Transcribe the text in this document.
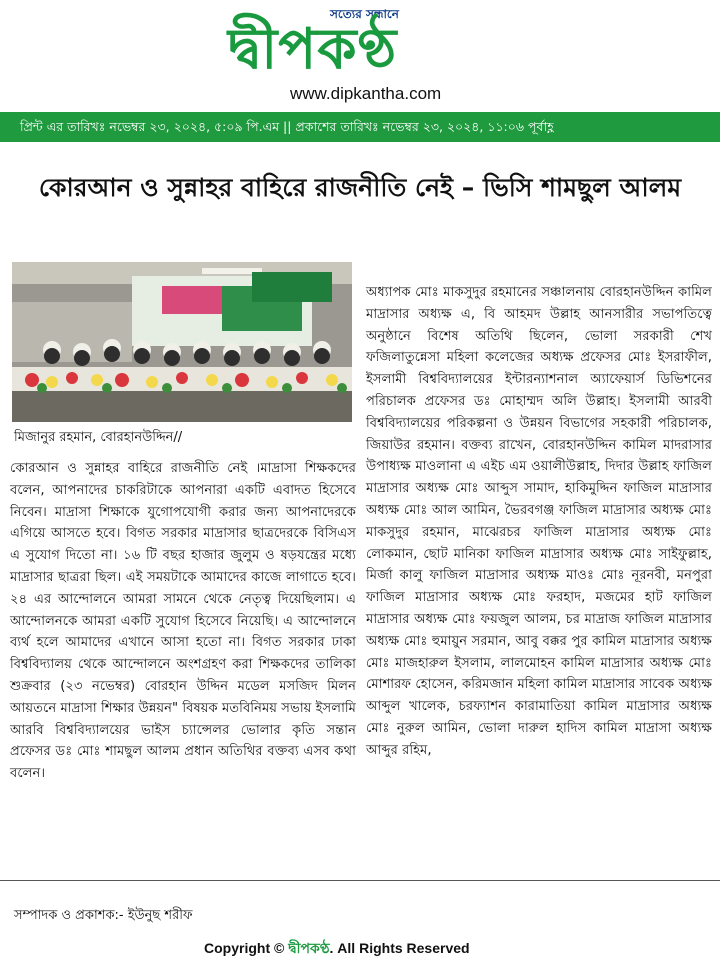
সত্যের সন্ধানে
দ্বীপকণ্ঠ
www.dipkantha.com
প্রিন্ট এর তারিখঃ নভেম্বর ২৩, ২০২৪, ৫:০৯ পি.এম || প্রকাশের তারিখঃ নভেম্বর ২৩, ২০২৪, ১১:০৬ পূর্বাহ্ণ
কোরআন ও সুন্নাহর বাহিরে রাজনীতি নেই – ভিসি শামছুল আলম
মিজানুর রহমান, বোরহানউদ্দিন//
কোরআন ও সুন্নাহর বাহিরে রাজনীতি নেই ।মাদ্রাসা শিক্ষকদের বলেন, আপনাদের চাকরিটাকে আপনারা একটি এবাদত হিসেবে নিবেন। মাদ্রাসা শিক্ষাকে যুগোপযোগী করার জন্য আপনাদেরকে এগিয়ে আসতে হবে। বিগত সরকার মাদ্রাসার ছাত্রদেরকে বিসিএস এ সুযোগ দিতো না। ১৬ টি বছর হাজার জুলুম ও ষড়যন্ত্রের মধ্যে মাদ্রাসার ছাত্ররা ছিল। এই সময়টাকে আমাদের কাজে লাগাতে হবে। ২৪ এর আন্দোলনে আমরা সামনে থেকে নেতৃত্ব দিয়েছিলাম। এ আন্দোলনকে আমরা একটি সুযোগ হিসেবে নিয়েছি। এ আন্দোলনে ব্যর্থ হলে আমাদের এখানে আসা হতো না। বিগত সরকার ঢাকা বিশ্ববিদ্যালয় থেকে আন্দোলনে অংশগ্রহণ করা শিক্ষকদের তালিকা শুক্রবার (২৩ নভেম্বর) বোরহান উদ্দিন মডেল মসজিদ মিলন আয়তনে মাদ্রাসা শিক্ষার উন্নয়ন" বিষয়ক মতবিনিময় সভায় ইসলামি আরবি বিশ্ববিদ্যালয়ের ভাইস চ্যান্সেলর ভোলার কৃতি সন্তান প্রফেসর ডঃ মোঃ শামছুল আলম প্রধান অতিথির বক্তব্য এসব কথা বলেন।
অধ্যাপক মোঃ মাকসুদুর রহমানের সঞ্চালনায় বোরহানউদ্দিন কামিল মাদ্রাসার অধ্যক্ষ এ, বি আহমদ উল্লাহ আনসারীর সভাপতিত্বে অনুষ্ঠানে বিশেষ অতিথি ছিলেন, ভোলা সরকারী শেখ ফজিলাতুন্নেসা মহিলা কলেজের অধ্যক্ষ প্রফেসর মোঃ ইসরাফীল, ইসলামী বিশ্ববিদ্যালয়ের ইন্টারন্যাশনাল অ্যাফেয়ার্স ডিভিশনের পরিচালক প্রফেসর ডঃ মোহাম্মদ অলি উল্লাহ। ইসলামী আরবী বিশ্ববিদ্যালয়ের পরিকল্পনা ও উন্নয়ন বিভাগের সহকারী পরিচালক, জিয়াউর রহমান। বক্তব্য রাখেন, বোরহানউদ্দিন কামিল মাদরাসার উপাধ্যক্ষ মাওলানা এ এইচ এম ওয়ালীউল্লাহ, দিদার উল্লাহ ফাজিল মাদ্রাসার অধ্যক্ষ মোঃ আব্দুস সামাদ, হাকিমুদ্দিন ফাজিল মাদ্রাসার অধ্যক্ষ মোঃ আল আমিন, ভৈরবগঞ্জ ফাজিল মাদ্রাসার অধ্যক্ষ মোঃ মাকসুদুর রহমান, মাঝেরচর ফাজিল মাদ্রাসার অধ্যক্ষ মোঃ লোকমান, ছোট মানিকা ফাজিল মাদ্রাসার অধ্যক্ষ মোঃ সাইফুল্লাহ, মির্জা কালু ফাজিল মাদ্রাসার অধ্যক্ষ মাওঃ মোঃ নূরনবী, মনপুরা ফাজিল মাদ্রাসার অধ্যক্ষ মোঃ ফরহাদ, মজমের হাট ফাজিল মাদ্রাসার অধ্যক্ষ মোঃ ফয়জুল আলম, চর মাদ্রাজ ফাজিল মাদ্রাসার অধ্যক্ষ মোঃ হুমায়ুন সরমান, আবু বক্কর পুর কামিল মাদ্রাসার অধ্যক্ষ মোঃ মাজহারুল ইসলাম, লালমোহন কামিল মাদ্রাসার অধ্যক্ষ মোঃ মোশারফ হোসেন, করিমজান মহিলা কামিল মাদ্রাসার সাবেক অধ্যক্ষ আব্দুল খালেক, চরফ্যাশন কারামাতিয়া কামিল মাদ্রাসার অধ্যক্ষ মোঃ নুরুল আমিন, ভোলা দারুল হাদিস কামিল মাদ্রাসা অধ্যক্ষ আব্দুর রহিম,
সম্পাদক ও প্রকাশক:- ইউনুছ শরীফ
Copyright © দ্বীপকণ্ঠ. All Rights Reserved
